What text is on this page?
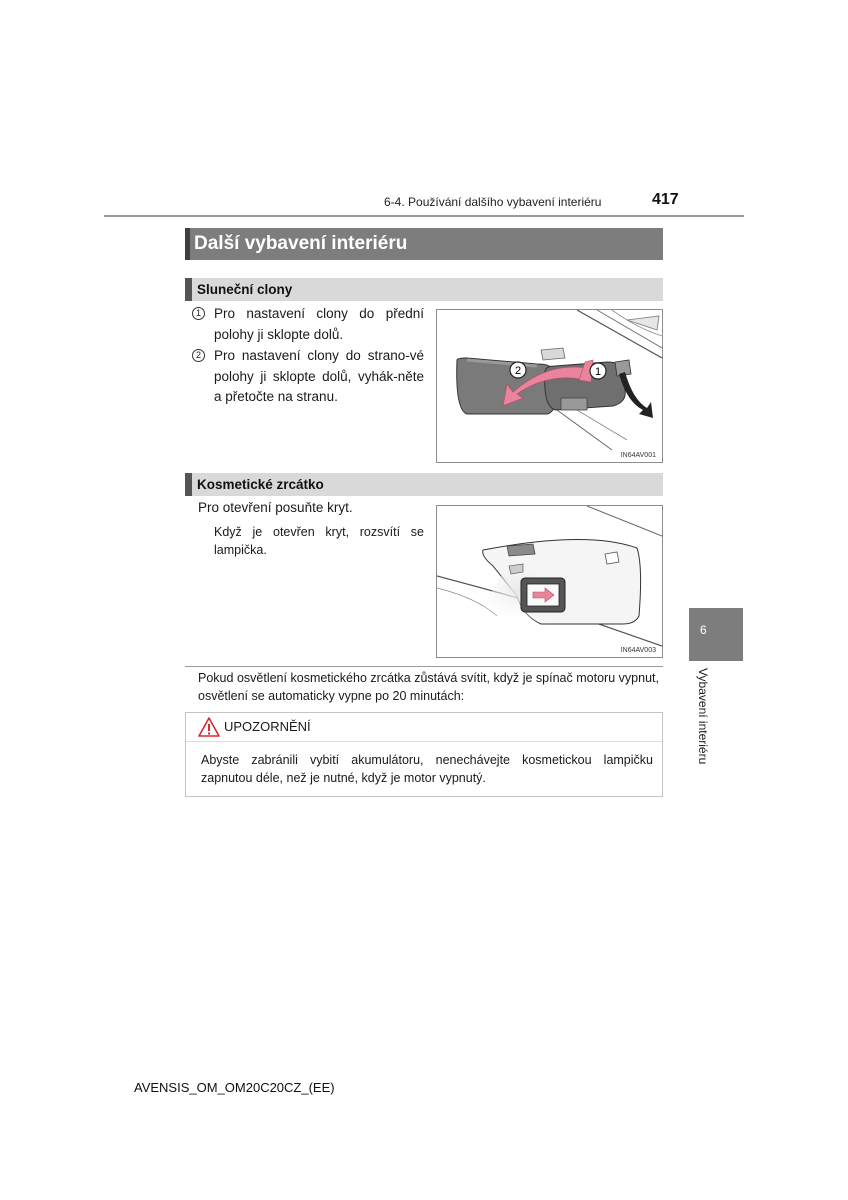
6-4. Používání dalšího vybavení interiéru	417
Další vybavení interiéru
Sluneční clony
1 Pro nastavení clony do přední polohy ji sklopte dolů.
2 Pro nastavení clony do strano-vé polohy ji sklopte dolů, vyhák-něte a přetočte na stranu.
2	1
IN64AV001
Kosmetické zrcátko
Pro otevření posuňte kryt.
Když je otevřen kryt, rozsvítí se lampička.
IN64AV003
Pokud osvětlení kosmetického zrcátka zůstává svítit, když je spínač motoru vypnut, osvětlení se automaticky vypne po 20 minutách:
UPOZORNĚNÍ
Abyste zabránili vybití akumulátoru, nenechávejte kosmetickou lampičku zapnutou déle, než je nutné, když je motor vypnutý.
6
Vybavení interiéru
AVENSIS_OM_OM20C20CZ_(EE)
